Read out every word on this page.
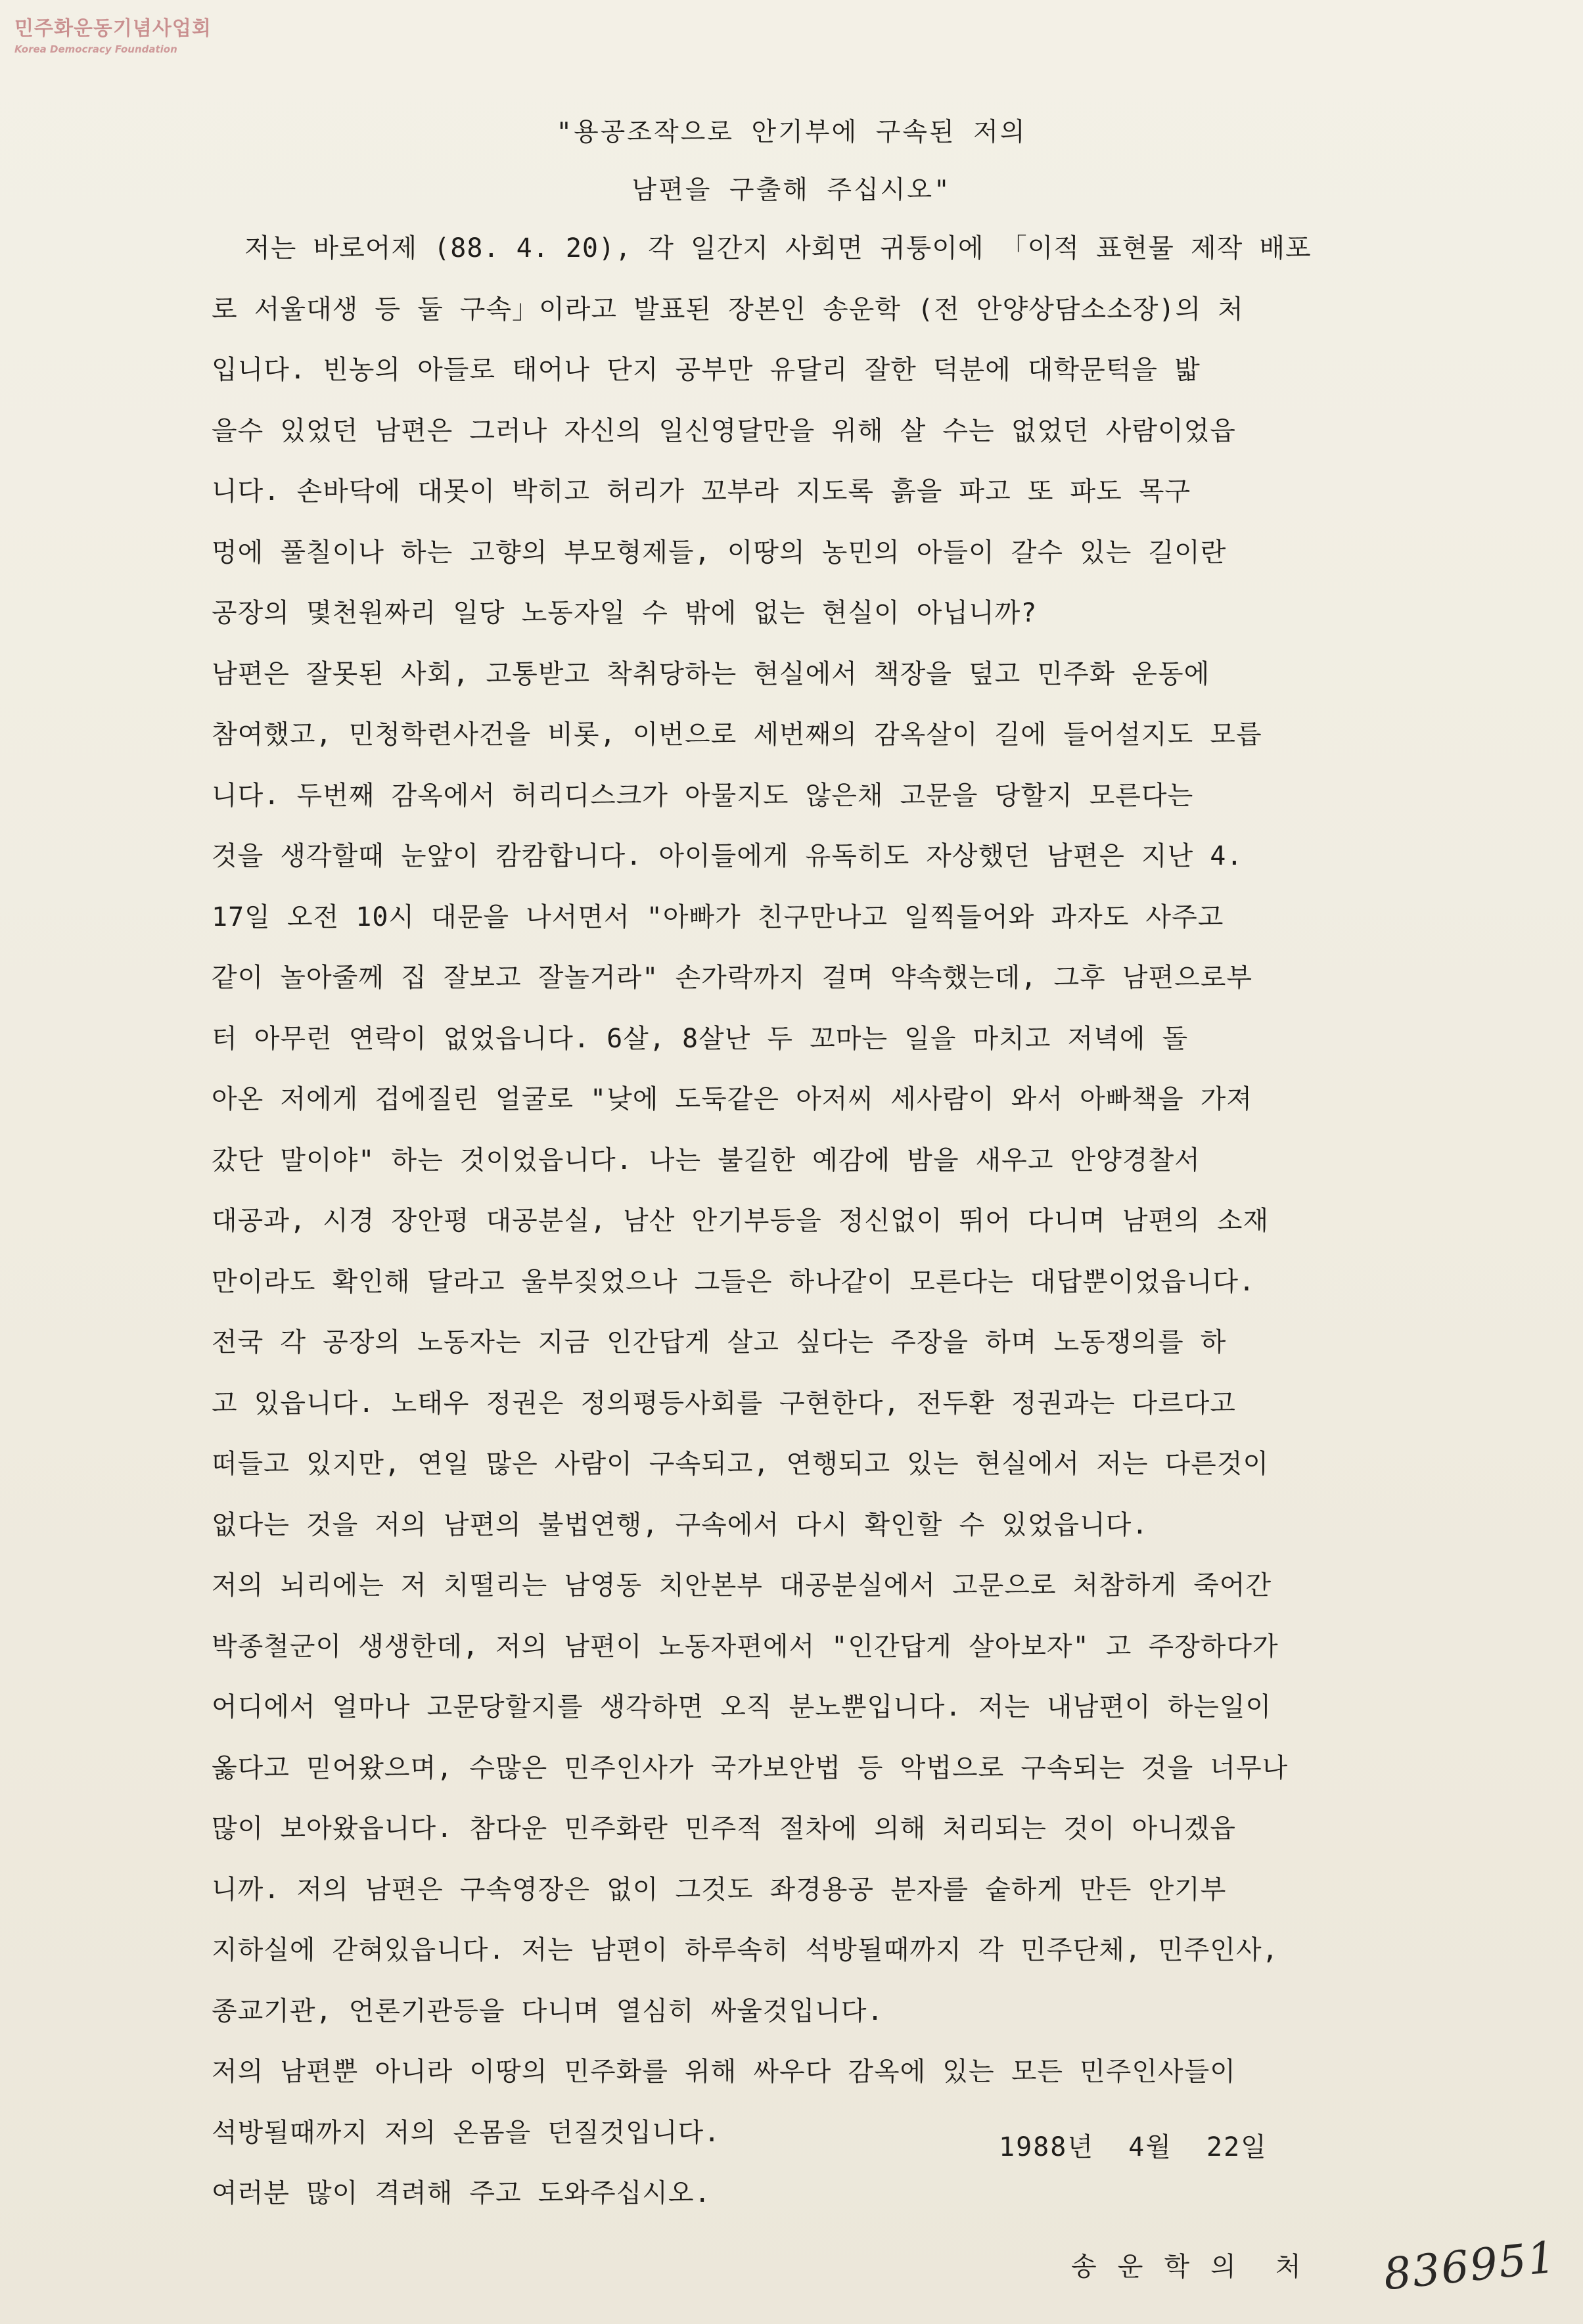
민주화운동기념사업회
Korea Democracy Foundation
"용공조작으로 안기부에 구속된 저의
남편을 구출해 주십시오"
저는 바로어제 (88. 4. 20), 각 일간지 사회면 귀퉁이에 「이적 표현물 제작 배포
로 서울대생 등 둘 구속」이라고 발표된 장본인 송운학 (전 안양상담소소장)의 처
입니다. 빈농의 아들로 태어나 단지 공부만 유달리 잘한 덕분에 대학문턱을 밟
을수 있었던 남편은 그러나 자신의 일신영달만을 위해 살 수는 없었던 사람이었읍
니다. 손바닥에 대못이 박히고 허리가 꼬부라 지도록 흙을 파고 또 파도 목구
멍에 풀칠이나 하는 고향의 부모형제들, 이땅의 농민의 아들이 갈수 있는 길이란
공장의 몇천원짜리 일당 노동자일 수 밖에 없는 현실이 아닙니까?
남편은 잘못된 사회, 고통받고 착취당하는 현실에서 책장을 덮고 민주화 운동에
참여했고, 민청학련사건을 비롯, 이번으로 세번째의 감옥살이 길에 들어설지도 모릅
니다. 두번째 감옥에서 허리디스크가 아물지도 않은채 고문을 당할지 모른다는
것을 생각할때 눈앞이 캄캄합니다. 아이들에게 유독히도 자상했던 남편은 지난 4.
17일 오전 10시 대문을 나서면서 "아빠가 친구만나고 일찍들어와 과자도 사주고
같이 놀아줄께 집 잘보고 잘놀거라" 손가락까지 걸며 약속했는데, 그후 남편으로부
터 아무런 연락이 없었읍니다. 6살, 8살난 두 꼬마는 일을 마치고 저녁에 돌
아온 저에게 겁에질린 얼굴로 "낮에 도둑같은 아저씨 세사람이 와서 아빠책을 가져
갔단 말이야" 하는 것이었읍니다. 나는 불길한 예감에 밤을 새우고 안양경찰서
대공과, 시경 장안평 대공분실, 남산 안기부등을 정신없이 뛰어 다니며 남편의 소재
만이라도 확인해 달라고 울부짖었으나 그들은 하나같이 모른다는 대답뿐이었읍니다.
전국 각 공장의 노동자는 지금 인간답게 살고 싶다는 주장을 하며 노동쟁의를 하
고 있읍니다. 노태우 정권은 정의평등사회를 구현한다, 전두환 정권과는 다르다고
떠들고 있지만, 연일 많은 사람이 구속되고, 연행되고 있는 현실에서 저는 다른것이
없다는 것을 저의 남편의 불법연행, 구속에서 다시 확인할 수 있었읍니다.
저의 뇌리에는 저 치떨리는 남영동 치안본부 대공분실에서 고문으로 처참하게 죽어간
박종철군이 생생한데, 저의 남편이 노동자편에서 "인간답게 살아보자" 고 주장하다가
어디에서 얼마나 고문당할지를 생각하면 오직 분노뿐입니다. 저는 내남편이 하는일이
옳다고 믿어왔으며, 수많은 민주인사가 국가보안법 등 악법으로 구속되는 것을 너무나
많이 보아왔읍니다. 참다운 민주화란 민주적 절차에 의해 처리되는 것이 아니겠읍
니까. 저의 남편은 구속영장은 없이 그것도 좌경용공 분자를 숱하게 만든 안기부
지하실에 갇혀있읍니다. 저는 남편이 하루속히 석방될때까지 각 민주단체, 민주인사,
종교기관, 언론기관등을 다니며 열심히 싸울것입니다.
저의 남편뿐 아니라 이땅의 민주화를 위해 싸우다 감옥에 있는 모든 민주인사들이
석방될때까지 저의 온몸을 던질것입니다.
여러분 많이 격려해 주고 도와주십시오.
1988년  4월  22일
송 운 학 의  처 836951
